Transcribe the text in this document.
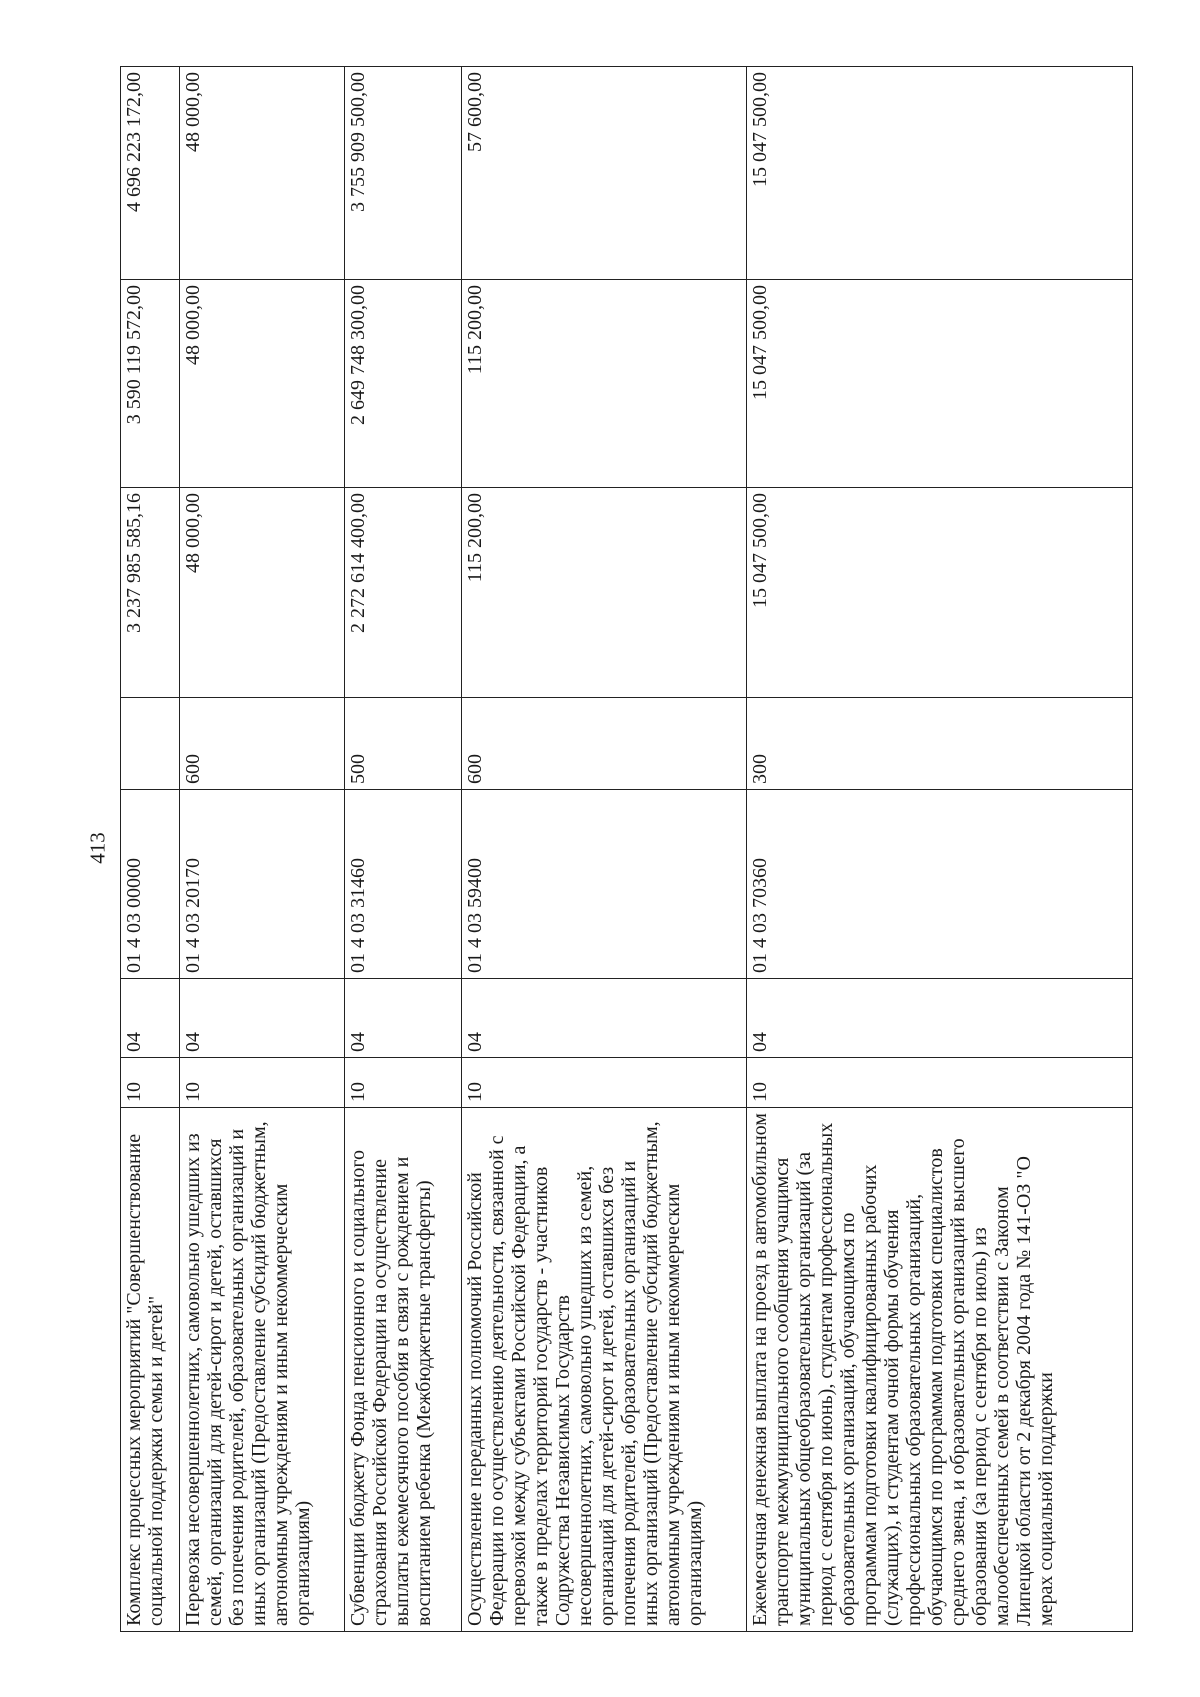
413
Комплекс процессных мероприятий "Совершенствование социальной поддержки семьи и детей"	10	04	01 4 03 00000		3 237 985 585,16	3 590 119 572,00	4 696 223 172,00
Перевозка несовершеннолетних, самовольно ушедших из семей, организаций для детей-сирот и детей, оставшихся без попечения родителей, образовательных организаций и иных организаций (Предоставление субсидий бюджетным, автономным учреждениям и иным некоммерческим организациям)	10	04	01 4 03 20170	600	48 000,00	48 000,00	48 000,00
Субвенции бюджету Фонда пенсионного и социального страхования Российской Федерации на осуществление выплаты ежемесячного пособия в связи с рождением и воспитанием ребенка (Межбюджетные трансферты)	10	04	01 4 03 31460	500	2 272 614 400,00	2 649 748 300,00	3 755 909 500,00
Осуществление переданных полномочий Российской Федерации по осуществлению деятельности, связанной с перевозкой между субъектами Российской Федерации, а также в пределах территорий государств - участников Содружества Независимых Государств несовершеннолетних, самовольно ушедших из семей, организаций для детей-сирот и детей, оставшихся без попечения родителей, образовательных организаций и иных организаций (Предоставление субсидий бюджетным, автономным учреждениям и иным некоммерческим организациям)	10	04	01 4 03 59400	600	115 200,00	115 200,00	57 600,00
Ежемесячная денежная выплата на проезд в автомобильном транспорте межмуниципального сообщения учащимся муниципальных общеобразовательных организаций (за период с сентября по июнь), студентам профессиональных образовательных организаций, обучающимся по программам подготовки квалифицированных рабочих (служащих), и студентам очной формы обучения профессиональных образовательных организаций, обучающимся по программам подготовки специалистов среднего звена, и образовательных организаций высшего образования (за период с сентября по июль) из малообеспеченных семей в соответствии с Законом Липецкой области от 2 декабря 2004 года № 141-ОЗ "О мерах социальной поддержки	10	04	01 4 03 70360	300	15 047 500,00	15 047 500,00	15 047 500,00
